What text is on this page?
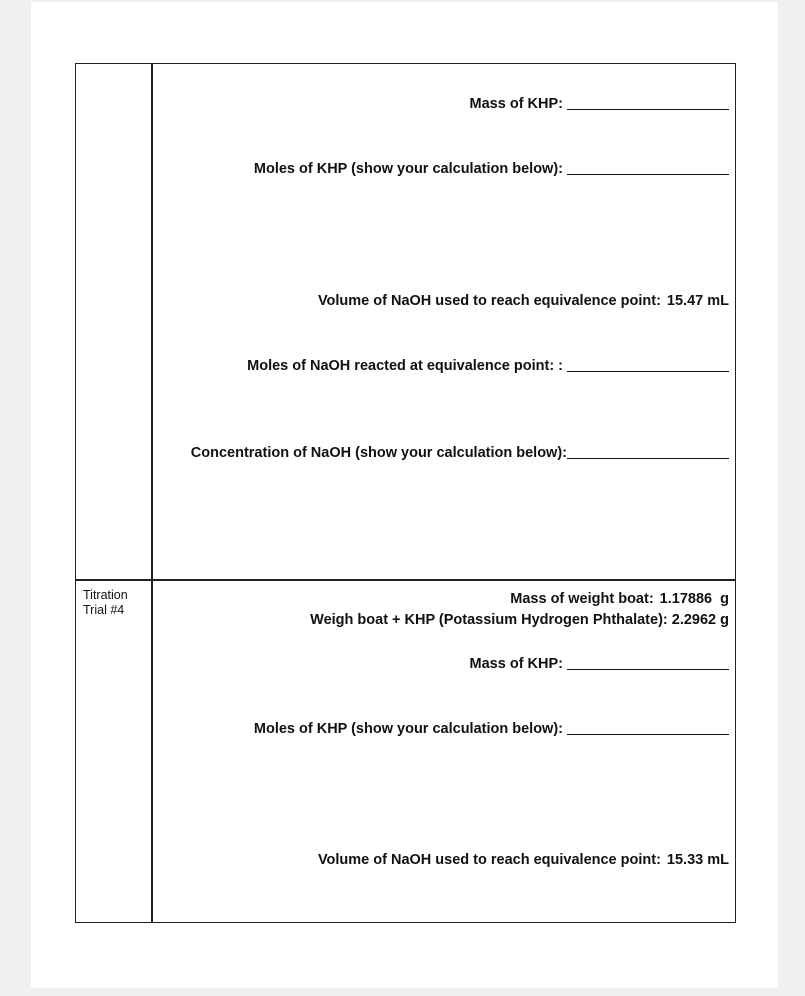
Mass of KHP:
Moles of KHP (show your calculation below):
Volume of NaOH used to reach equivalence point: 15.47 mL
Moles of NaOH reacted at equivalence point: :
Concentration of NaOH (show your calculation below):
Titration Trial #4
Mass of weight boat: 1.17886  g
Weigh boat + KHP (Potassium Hydrogen Phthalate): 2.2962 g
Mass of KHP:
Moles of KHP (show your calculation below):
Volume of NaOH used to reach equivalence point: 15.33 mL
